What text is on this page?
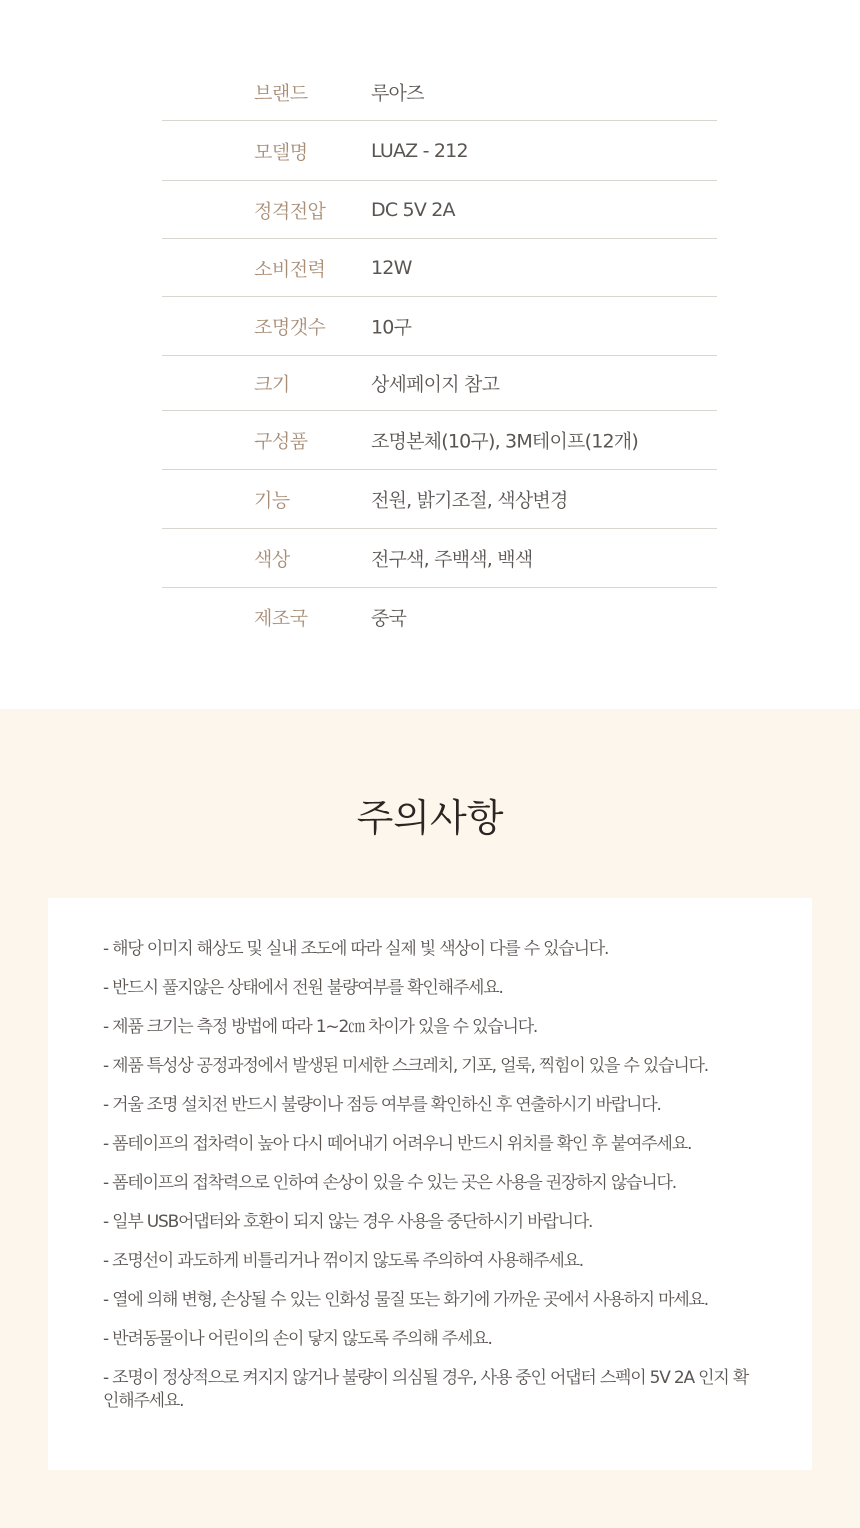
브랜드	루아즈
모델명	LUAZ - 212
정격전압 DC 5V 2A
소비전력 12W
조명갯수 10구
크기	상세페이지 참고
구성품	조명본체(10구), 3M테이프(12개)
기능	전원, 밝기조절, 색상변경
색상	전구색, 주백색, 백색
제조국	중국
주의사항
- 해당 이미지 해상도 및 실내 조도에 따라 실제 빛 색상이 다를 수 있습니다.
- 반드시 풀지않은 상태에서 전원 불량여부를 확인해주세요.
- 제품 크기는 측정 방법에 따라 1~2㎝ 차이가 있을 수 있습니다.
- 제품 특성상 공정과정에서 발생된 미세한 스크레치, 기포, 얼룩, 찍힘이 있을 수 있습니다.
- 거울 조명 설치전 반드시 불량이나 점등 여부를 확인하신 후 연출하시기 바랍니다.
- 폼테이프의 접차력이 높아 다시 떼어내기 어려우니 반드시 위치를 확인 후 붙여주세요.
- 폼테이프의 접착력으로 인하여 손상이 있을 수 있는 곳은 사용을 권장하지 않습니다.
- 일부 USB어댑터와 호환이 되지 않는 경우 사용을 중단하시기 바랍니다.
- 조명선이 과도하게 비틀리거나 꺾이지 않도록 주의하여 사용해주세요.
- 열에 의해 변형, 손상될 수 있는 인화성 물질 또는 화기에 가까운 곳에서 사용하지 마세요.
- 반려동물이나 어린이의 손이 닿지 않도록 주의해 주세요.
- 조명이 정상적으로 켜지지 않거나 불량이 의심될 경우, 사용 중인 어댑터 스펙이 5V 2A 인지 확인해주세요.
